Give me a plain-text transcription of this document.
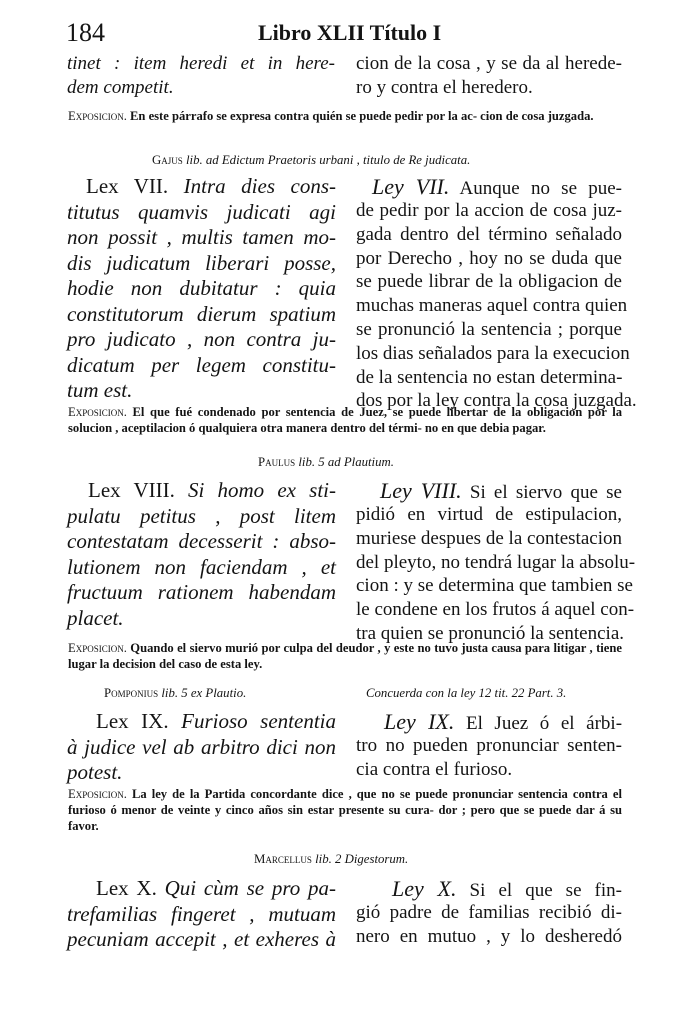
184	Libro XLII Título I
tinet : item heredi et in here-
dem competit.
cion de la cosa , y se da al herede-
ro y contra el heredero.
Exposicion. En este párrafo se expresa contra quién se puede pedir por la ac- cion de cosa juzgada.
Gajus lib. ad Edictum Praetoris urbani , titulo de Re judicata.
Lex VII. Intra dies cons-
titutus quamvis judicati agi
non possit , multis tamen mo-
dis judicatum liberari posse,
hodie non dubitatur : quia
constitutorum dierum spatium
pro judicato , non contra ju-
dicatum per legem constitu-
tum est.
Ley VII. Aunque no se pue-
de pedir por la accion de cosa juz-
gada dentro del término señalado
por Derecho , hoy no se duda que
se puede librar de la obligacion de
muchas maneras aquel contra quien
se pronunció la sentencia ; porque
los dias señalados para la execucion
de la sentencia no estan determina-
dos por la ley contra la cosa juzgada.
Exposicion. El que fué condenado por sentencia de Juez, se puede libertar de la obligacion por la solucion , aceptilacion ó qualquiera otra manera dentro del térmi- no en que debia pagar.
Paulus lib. 5 ad Plautium.
Lex VIII. Si homo ex sti-
pulatu petitus , post litem
contestatam decesserit : abso-
lutionem non faciendam , et
fructuum rationem habendam
placet.
Ley VIII. Si el siervo que se
pidió en virtud de estipulacion,
muriese despues de la contestacion
del pleyto, no tendrá lugar la absolu-
cion : y se determina que tambien se
le condene en los frutos á aquel con-
tra quien se pronunció la sentencia.
Exposicion. Quando el siervo murió por culpa del deudor , y este no tuvo justa causa para litigar , tiene lugar la decision del caso de esta ley.
Pomponius lib. 5 ex Plautio.	Concuerda con la ley 12 tit. 22 Part. 3.
Lex IX. Furioso sententia
à judice vel ab arbitro dici non
potest.
Ley IX. El Juez ó el árbi-
tro no pueden pronunciar senten-
cia contra el furioso.
Exposicion. La ley de la Partida concordante dice , que no se puede pronunciar sentencia contra el furioso ó menor de veinte y cinco años sin estar presente su cura- dor ; pero que se puede dar á su favor.
Marcellus lib. 2 Digestorum.
Lex X. Qui cùm se pro pa-
trefamilias fingeret , mutuam
pecuniam accepit , et exheres à
Ley X. Si el que se fin-
gió padre de familias recibió di-
nero en mutuo , y lo desheredó
